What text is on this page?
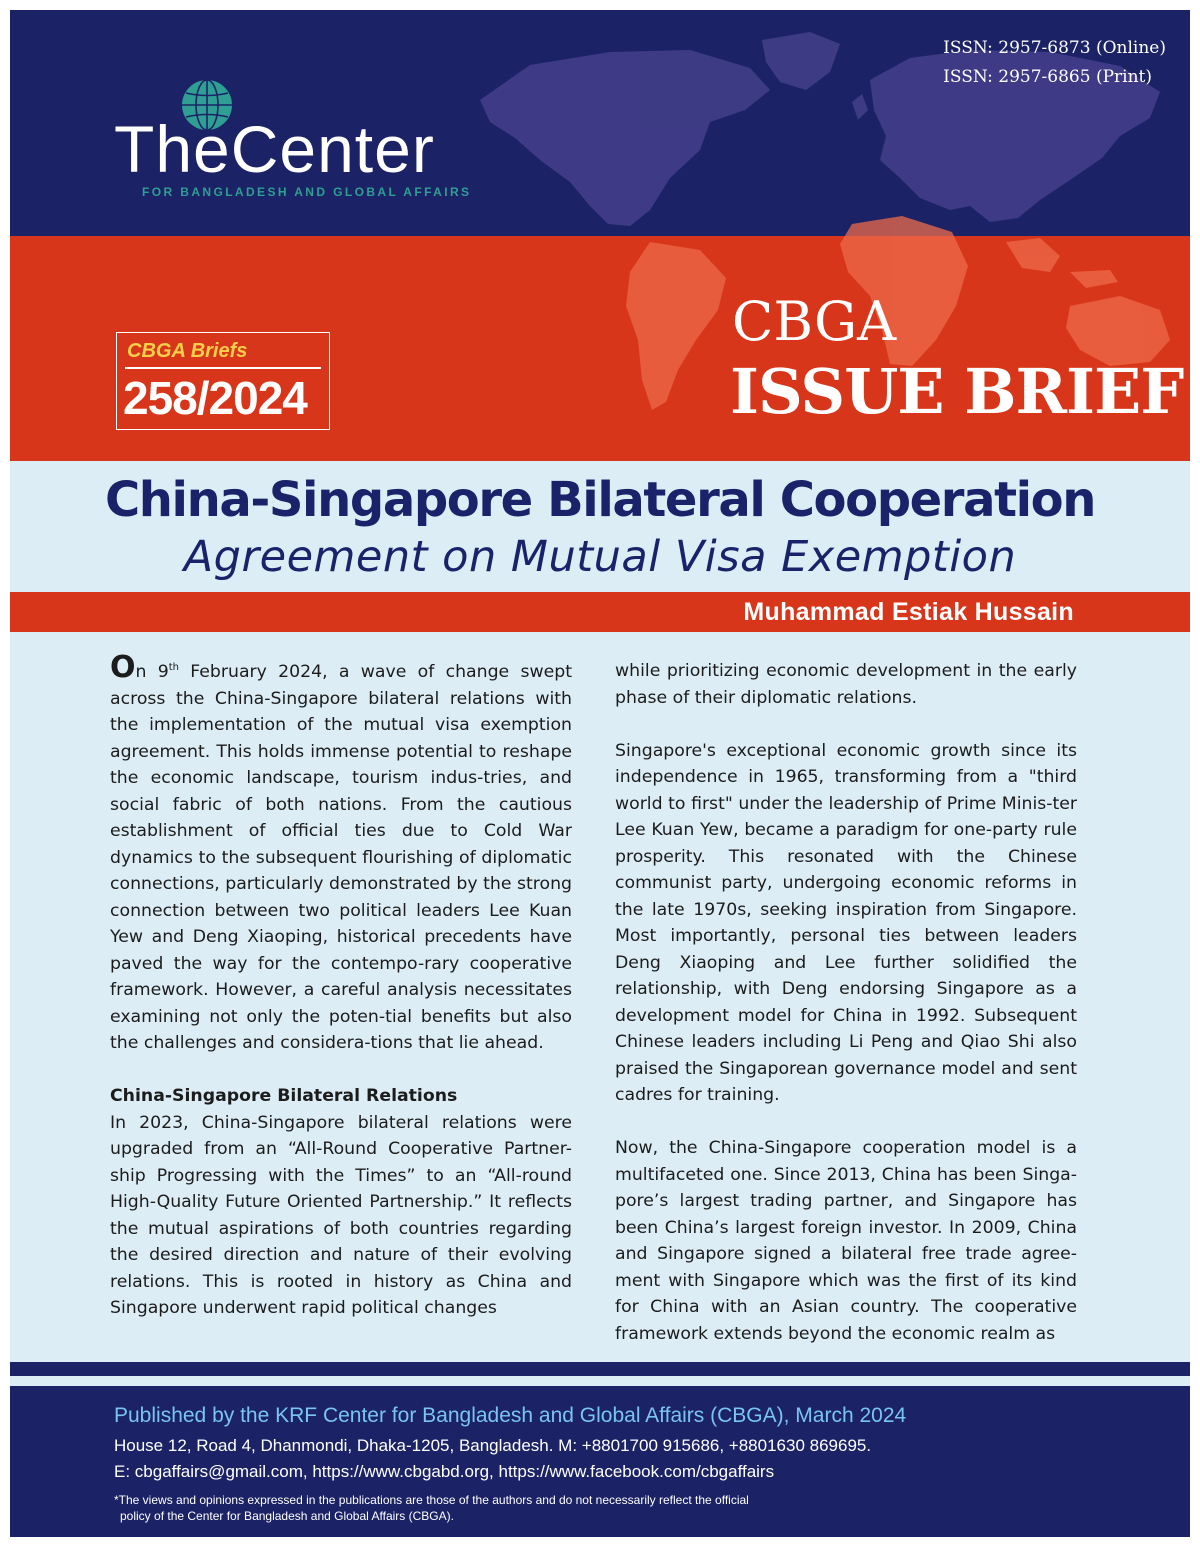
ISSN: 2957-6873 (Online)
ISSN: 2957-6865 (Print)
TheCenter
FOR BANGLADESH AND GLOBAL AFFAIRS
CBGA Briefs
258/2024
CBGA
ISSUE BRIEF
China-Singapore Bilateral Cooperation
Agreement on Mutual Visa Exemption
Muhammad Estiak Hussain

On 9th February 2024, a wave of change swept across the China-Singapore bilateral relations with the implementation of the mutual visa exemption agreement. This holds immense potential to reshape the economic landscape, tourism indus-tries, and social fabric of both nations. From the cautious establishment of official ties due to Cold War dynamics to the subsequent flourishing of diplomatic connections, particularly demonstrated by the strong connection between two political leaders Lee Kuan Yew and Deng Xiaoping, historical precedents have paved the way for the contempo-rary cooperative framework. However, a careful analysis necessitates examining not only the poten-tial benefits but also the challenges and considera-tions that lie ahead.

China-Singapore Bilateral Relations

In 2023, China-Singapore bilateral relations were upgraded from an “All-Round Cooperative Partner-ship Progressing with the Times” to an “All-round High-Quality Future Oriented Partnership.” It reflects the mutual aspirations of both countries regarding the desired direction and nature of their evolving relations. This is rooted in history as China and Singapore underwent rapid political changes

while prioritizing economic development in the early phase of their diplomatic relations.

Singapore's exceptional economic growth since its independence in 1965, transforming from a "third world to first" under the leadership of Prime Minis-ter Lee Kuan Yew, became a paradigm for one-party rule prosperity. This resonated with the Chinese communist party, undergoing economic reforms in the late 1970s, seeking inspiration from Singapore. Most importantly, personal ties between leaders Deng Xiaoping and Lee further solidified the relationship, with Deng endorsing Singapore as a development model for China in 1992. Subsequent Chinese leaders including Li Peng and Qiao Shi also praised the Singaporean governance model and sent cadres for training.

Now, the China-Singapore cooperation model is a multifaceted one. Since 2013, China has been Singa-pore’s largest trading partner, and Singapore has been China’s largest foreign investor. In 2009, China and Singapore signed a bilateral free trade agree-ment with Singapore which was the first of its kind for China with an Asian country. The cooperative framework extends beyond the economic realm as

Published by the KRF Center for Bangladesh and Global Affairs (CBGA), March 2024
House 12, Road 4, Dhanmondi, Dhaka-1205, Bangladesh. M: +8801700 915686, +8801630 869695.
E: cbgaffairs@gmail.com, https://www.cbgabd.org, https://www.facebook.com/cbgaffairs
*The views and opinions expressed in the publications are those of the authors and do not necessarily reflect the official
policy of the Center for Bangladesh and Global Affairs (CBGA).
